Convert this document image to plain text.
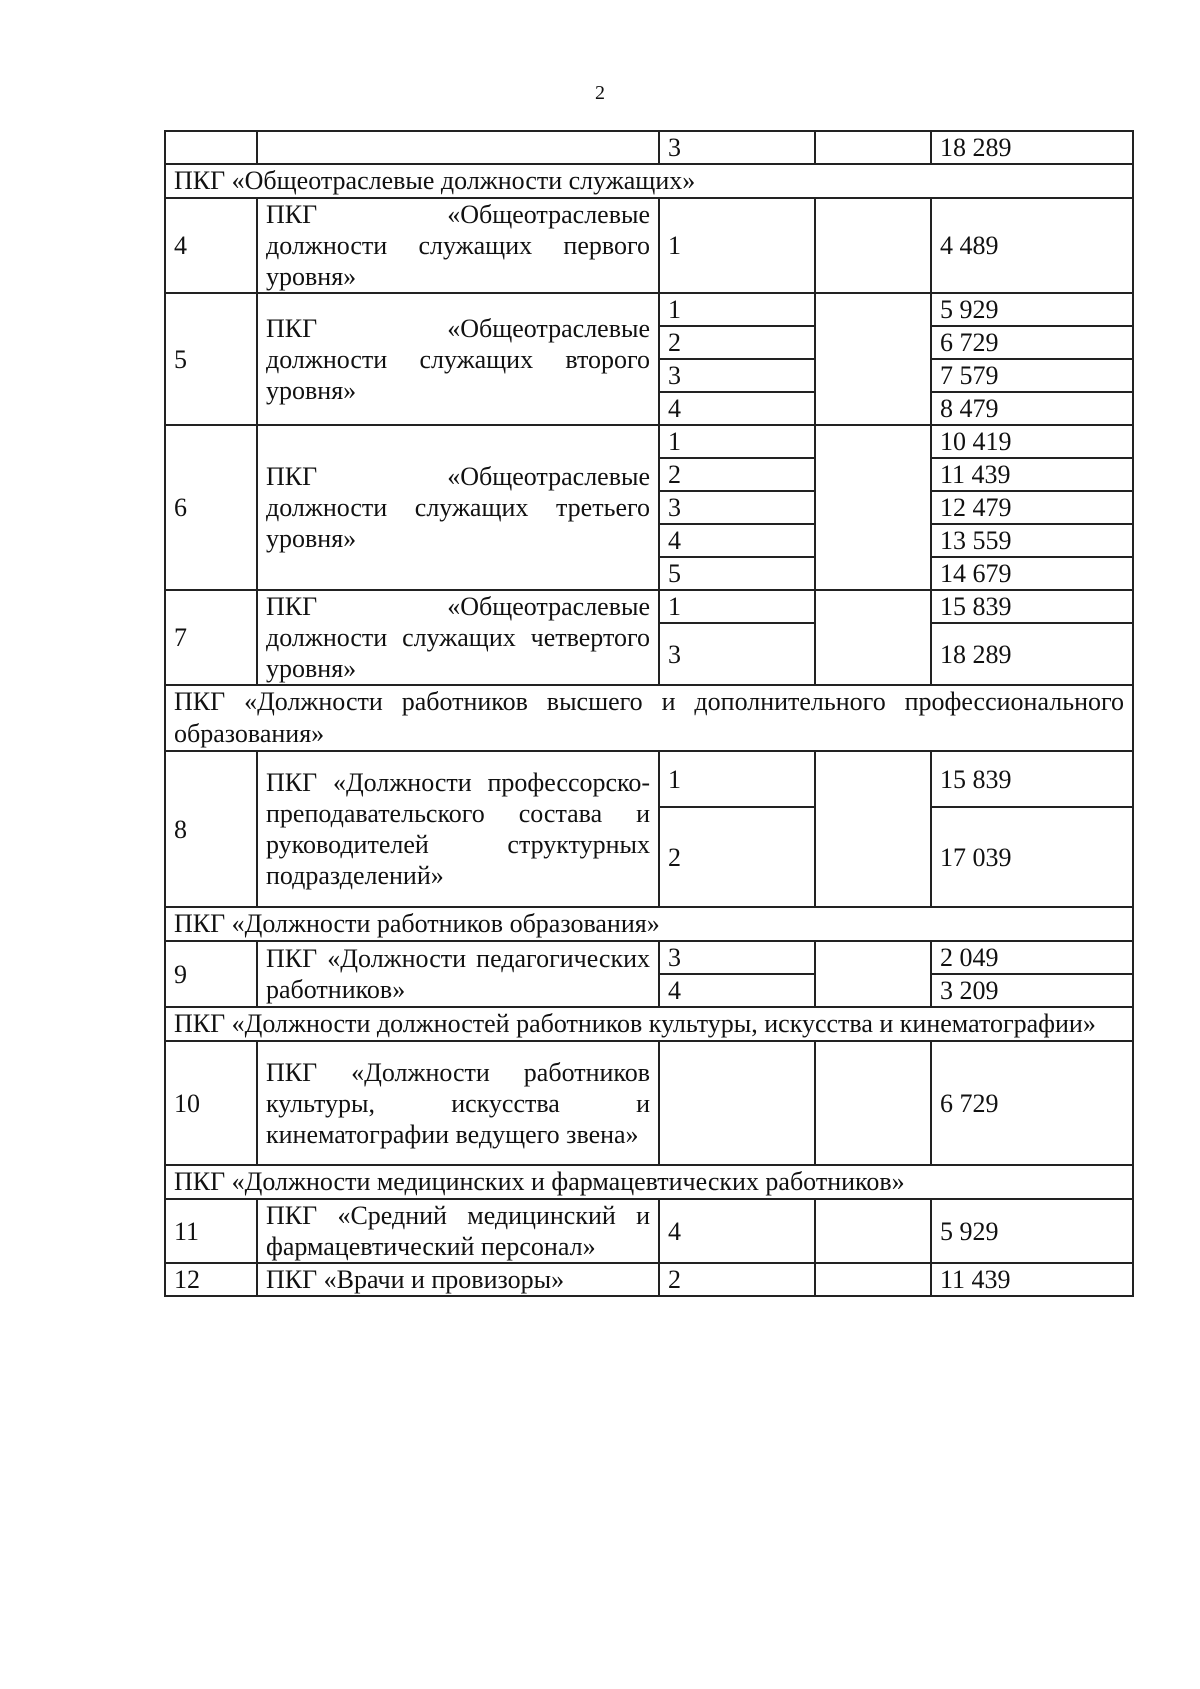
2
		3		18 289
ПКГ «Общеотраслевые должности служащих»				
4	ПКГ «Общеотраслевые должности служащих первого уровня»	1		4 489
5	ПКГ «Общеотраслевые должности служащих второго уровня»	1		5 929
		2		6 729
		3		7 579
		4		8 479
6	ПКГ «Общеотраслевые должности служащих третьего уровня»	1		10 419
		2		11 439
		3		12 479
		4		13 559
		5		14 679
7	ПКГ «Общеотраслевые должности служащих четвертого уровня»	1		15 839
		3		18 289
ПКГ «Должности работников высшего и дополнительного профессионального образования»				
8	ПКГ «Должности профессорско-преподавательского состава и руководителей структурных подразделений»	1		15 839
		2		17 039
ПКГ «Должности работников образования»				
9	ПКГ «Должности педагогических работников»	3		2 049
		4		3 209
ПКГ «Должности должностей работников культуры, искусства и кинематографии»				
10	ПКГ «Должности работников культуры, искусства и кинематографии ведущего звена»			6 729
ПКГ «Должности медицинских и фармацевтических работников»				
11	ПКГ «Средний медицинский и фармацевтический персонал»	4		5 929
12	ПКГ «Врачи и провизоры»	2		11 439
